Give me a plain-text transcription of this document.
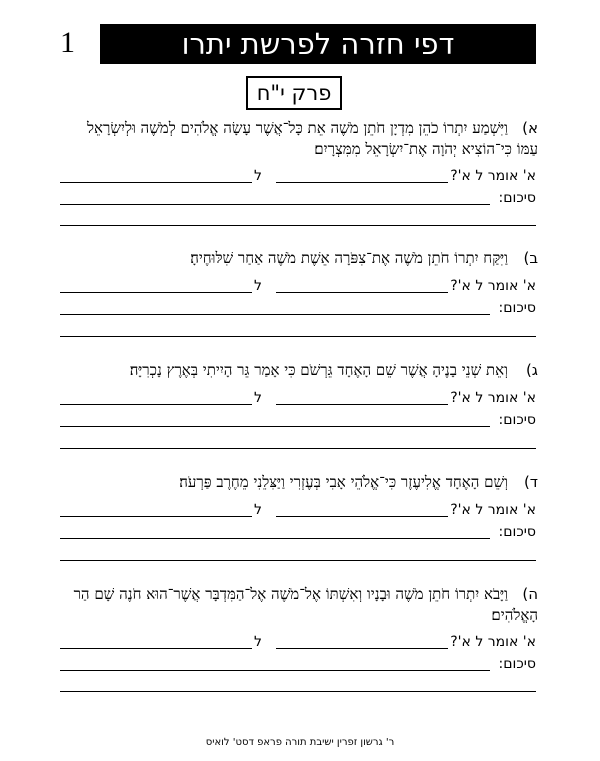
1	דפי חזרה לפרשת יתרו
פרק י"ח
א)וַיִּשְׁמַע יִתְרוֹ כֹהֵן מִדְיָן חֹתֵן מֹשֶׁה אֵת כָּל־אֲשֶׁר עָשָׂה אֱלֹהִים לְמֹשֶׁה וּלְיִשְׂרָאֵל עַמּוֹ כִּי־הוֹצִיא יְהֹוָה אֶת־יִשְׂרָאֵל מִמִּצְרָיִם׃
א' אומר ל א'?
ל
סיכום:
ב)וַיִּקַּח יִתְרוֹ חֹתֵן מֹשֶׁה אֶת־צִפֹּרָה אֵשֶׁת מֹשֶׁה אַחַר שִׁלּוּחֶיהָ׃
א' אומר ל א'?
ל
סיכום:
ג)וְאֵת שְׁנֵי בָנֶיהָ אֲשֶׁר שֵׁם הָאֶחָד גֵּרְשֹׁם כִּי אָמַר גֵּר הָיִיתִי בְּאֶרֶץ נָכְרִיָּה׃
א' אומר ל א'?
ל
סיכום:
ד)וְשֵׁם הָאֶחָד אֱלִיעֶזֶר כִּי־אֱלֹהֵי אָבִי בְּעֶזְרִי וַיַּצִּלֵנִי מֵחֶרֶב פַּרְעֹה׃
א' אומר ל א'?
ל
סיכום:
ה)וַיָּבֹא יִתְרוֹ חֹתֵן מֹשֶׁה וּבָנָיו וְאִשְׁתּוֹ אֶל־מֹשֶׁה אֶל־הַמִּדְבָּר אֲשֶׁר־הוּא חֹנֶה שָׁם הַר הָאֱלֹהִים׃
א' אומר ל א'?
ל
סיכום:
ר' גרשון זפרין ישיבת תורה פראפ דסט' לואיס
